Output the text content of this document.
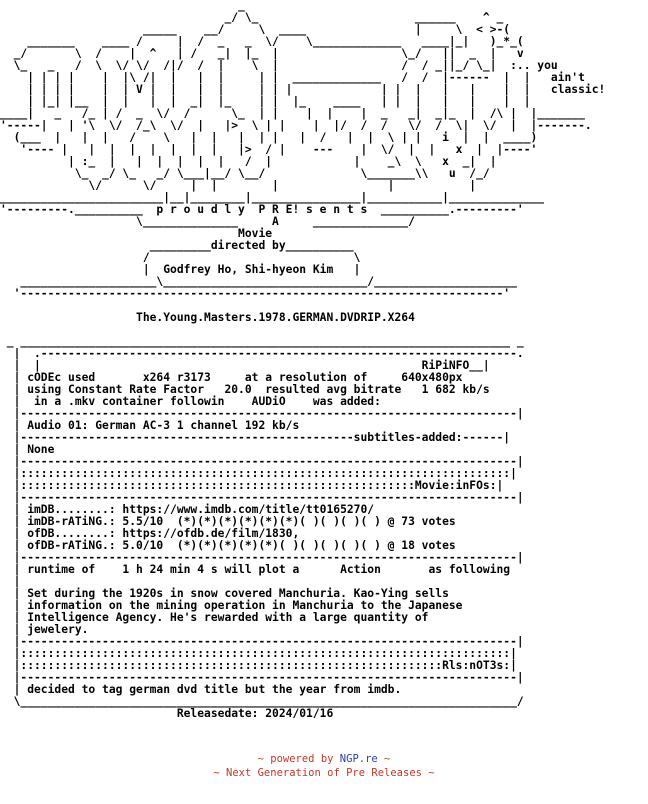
_
_/ \_                       ______    ^ _
_____    __/     \  ____                |     \  < >-(
_______    ____ /     |  /  _   _  \/    \_____________   ____|_|   )_*_(
_/       \  /    |  ^   | /   _|  |_  |                  \_/   ||  _  |   v
\_   _   /  \  \/ \/  /|/  /  |    \  |                  /  / _||_/ \_|  :.. you
| | | |    |  |\ /|  |   |  |     | |  _____________   /  /  |------  |  |   ain't
| | | |    |  | V |  |   |  |     | | |             | |  |   |   |    |  |   classic!
| |_| |__  |  |   |  |  _|  |_    | |  |_    ____   | |  |   |   |    |  |
____|   _   /_ | /  _  \/  /      \_  | |    |  |    |  _   _|  _|_  |  /\ |  |_______
'-----|   | '\  \/  /_\  \/  |   |>  \ | |    |  |/  /  /   \/  /  \|  \/  |  |-------.
(___  |   |  |   /    \   |  |   |  | |   |  /   |  |  \ | |   i  |  |  ____)
'---- |   |  |  |  |  |  |  |   |>  / |    ---    |  \/  |  |   x  |  |----'
| :_  |   |  |  |  |  |   /  |            |    _\  \   x  _|  |
\_  _/ \_   _/ \___|__/ \__/              \_______\\   u  /_/
\/      \/     |  |        |                |           |
________________________|__|________|________________|___________|______________
'---------.__________  p r o u d l y  P R E! s e n t s  __________.---------'
\______________     A     ______________/
Movie
_________directed by__________
/                              \
|  Godfrey Ho, Shi-hyeon Kim   |
____________________\______________________________/_____________________
'-----------------------------------------------------------------------'

The.Young.Masters.1978.GERMAN.DVDRIP.X264

_ ________________________________________________________________________ _
|  .----------------------------------------------------------------------.
|  |                                                        RiPiNFO__|
| cODEc used       x264 r3173     at a resolution of     640x480px
| using Constant Rate Factor   20.0  resulted avg bitrate   1 682 kb/s
|  in a .mkv container followin    AUDiO    was added:
|-------------------------------------------------------------------------|
| Audio 01: German AC-3 1 channel 192 kb/s
|-------------------------------------------------subtitles-added:------|
| None
|-------------------------------------------------------------------------|
|::::::::::::::::::::::::::::::::::::::::::::::::::::::::::::::::::::::::|
|::::::::::::::::::::::::::::::::::::::::::::::::::::::::::Movie:inFOs:|
|-------------------------------------------------------------------------|
| imDB........: https://www.imdb.com/title/tt0165270/
| imDB-rATiNG.: 5.5/10  (*)(*)(*)(*)(*)(*)( )( )( )( ) @ 73 votes
| ofDB........: https://ofdb.de/film/1830,
| ofDB-rATiNG.: 5.0/10  (*)(*)(*)(*)(*)( )( )( )( )( ) @ 18 votes
|-------------------------------------------------------------------------|
| runtime of    1 h 24 min 4 s will plot a      Action       as following
|
| Set during the 1920s in snow covered Manchuria. Kao-Ying sells
| information on the mining operation in Manchuria to the Japanese
| Intelligence Agency. He's rewarded with a large quantity of
| jewelery.
|-------------------------------------------------------------------------|
|::::::::::::::::::::::::::::::::::::::::::::::::::::::::::::::::::::::::|
|::::::::::::::::::::::::::::::::::::::::::::::::::::::::::::::Rls:nOT3s:|
|-------------------------------------------------------------------------|
| decided to tag german dvd title but the year from imdb.
\_________________________________________________________________________/
Releasedate: 2024/01/16
~ powered by NGP.re ~
~ Next Generation of Pre Releases ~
